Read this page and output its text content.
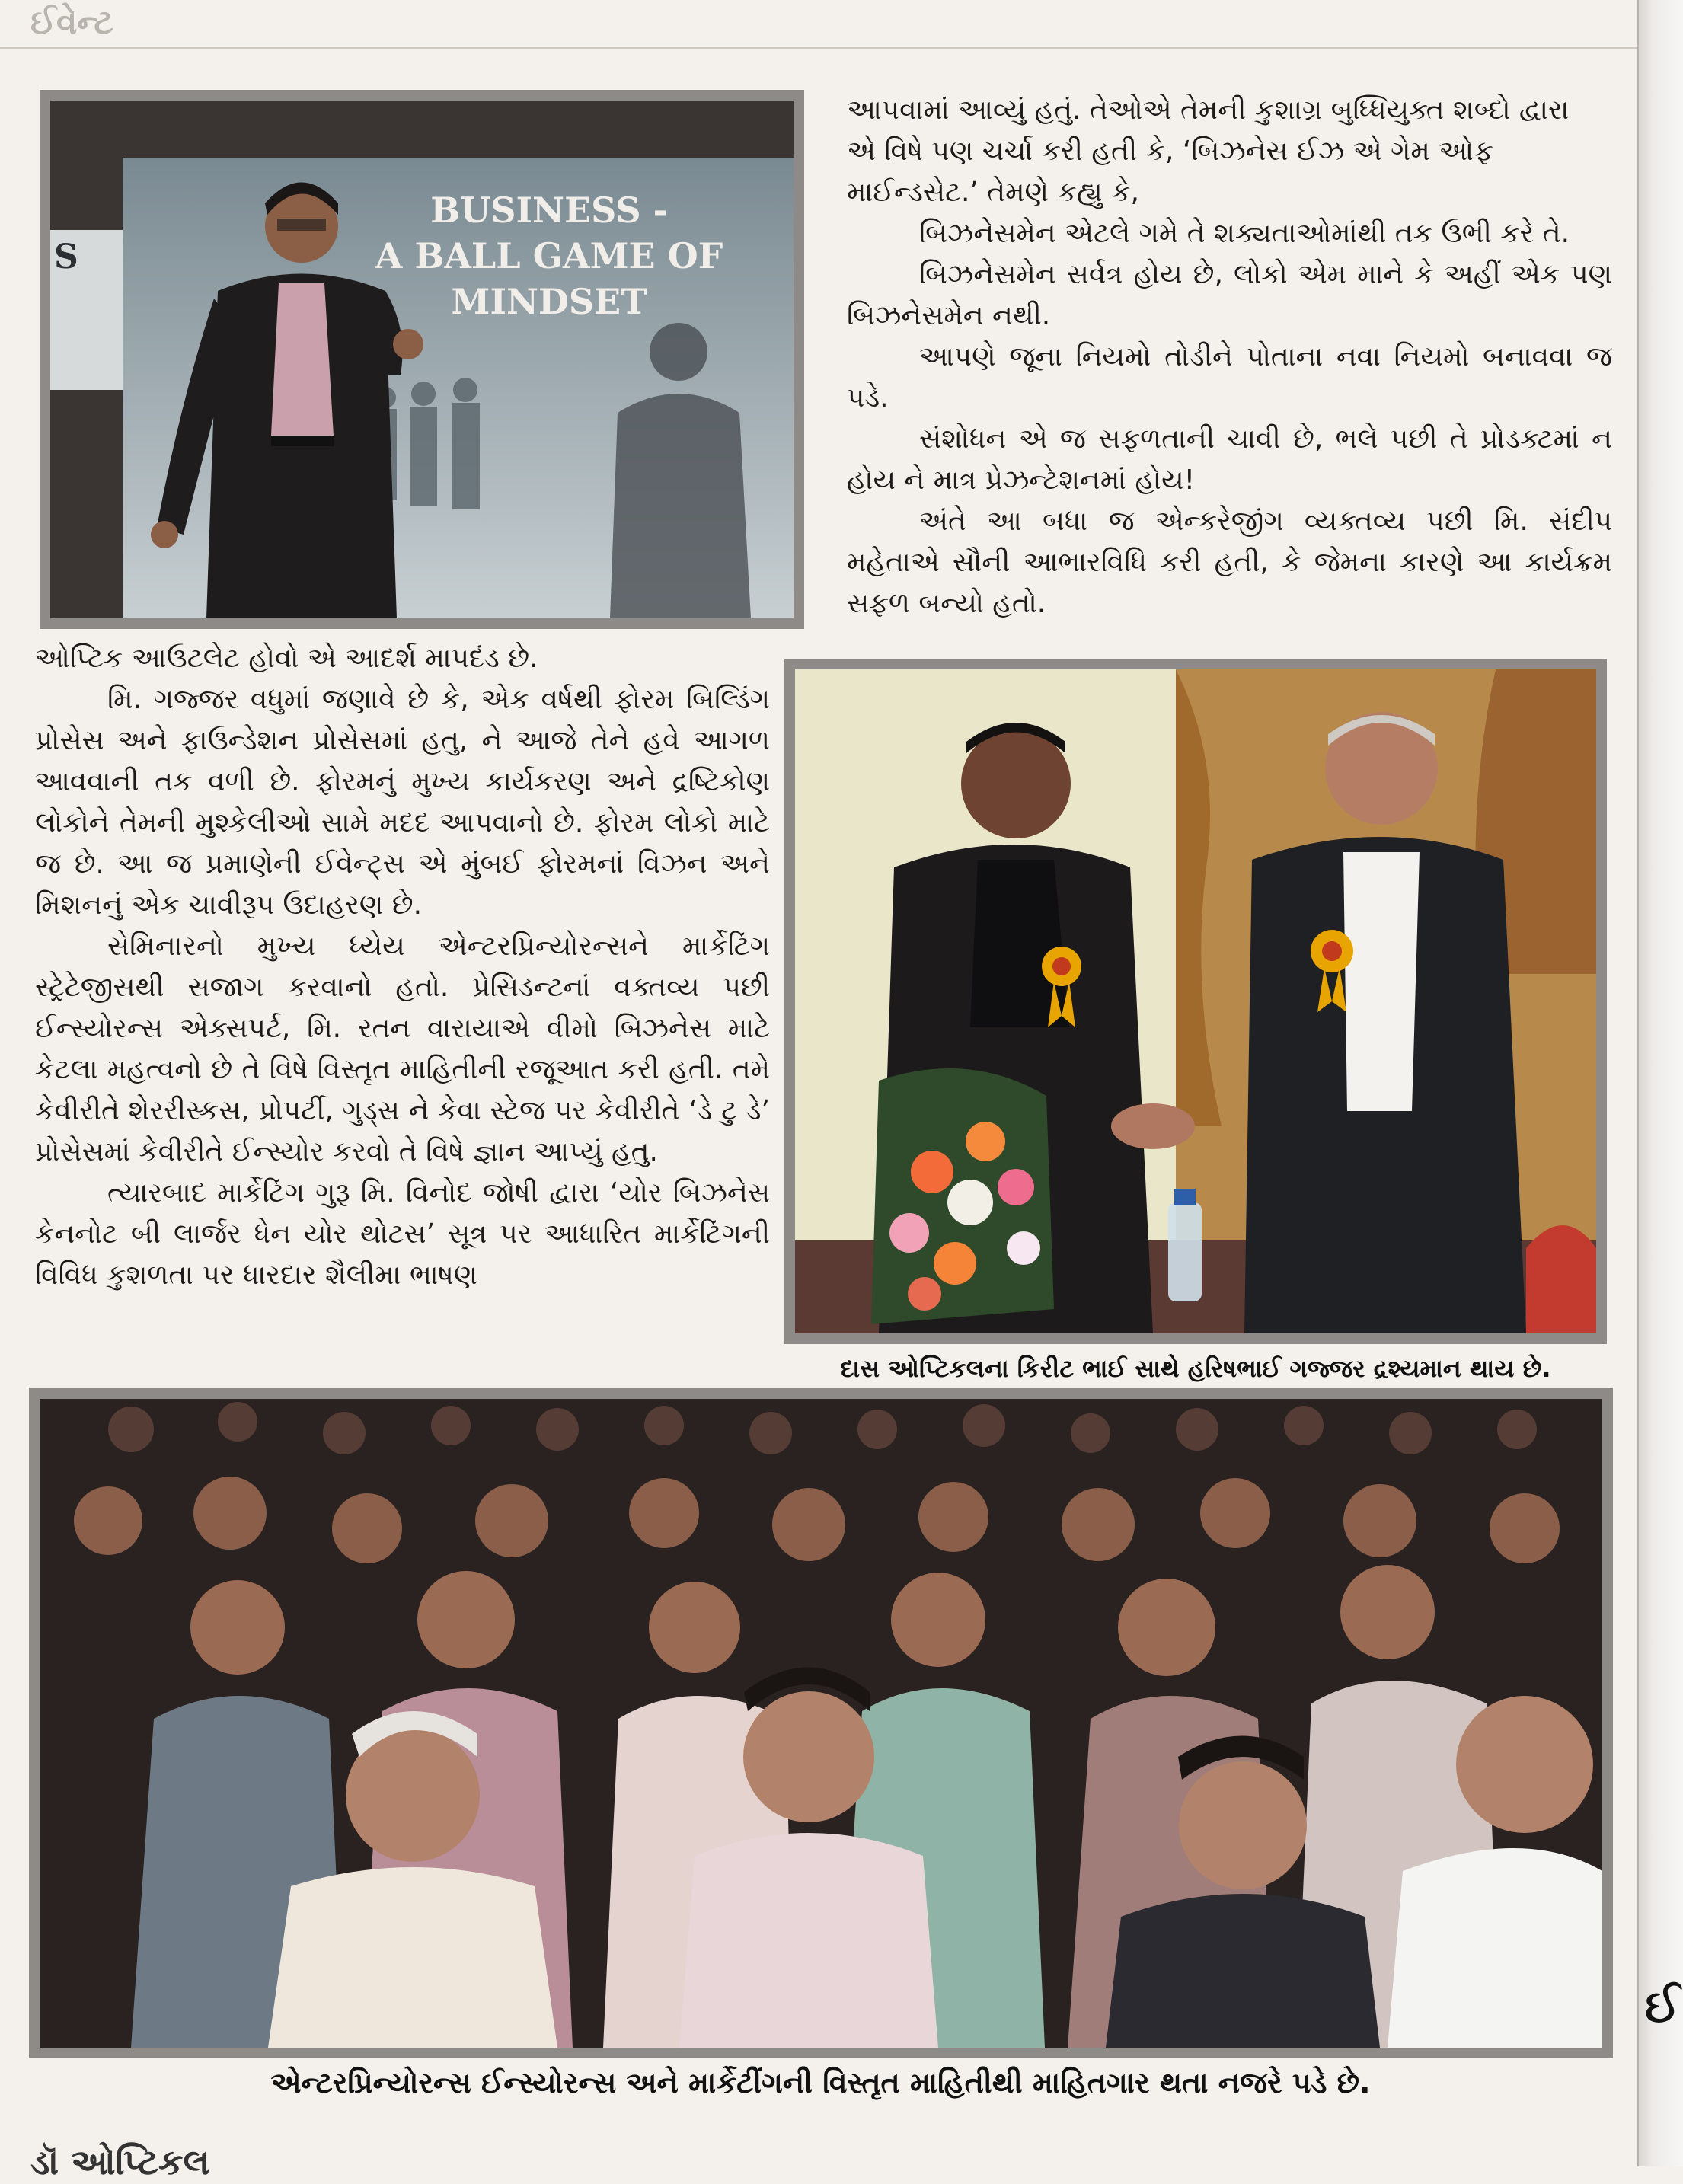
ઈવેન્ટ
ઈ
S
BUSINESS -
A BALL GAME OF
MINDSET

આપવામાં આવ્યું હતું. તેઓએ તેમની કુશાગ્ર બુધ્ધિયુક્ત શબ્દો દ્વારા

એ વિષે પણ ચર્ચા કરી હતી કે, ‘બિઝનેસ ઈઝ એ ગેમ ઓફ

માઈન્ડસેટ.’ તેમણે કહ્યુ કે,

બિઝનેસમેન એટલે ગમે તે શક્યતાઓમાંથી તક ઉભી કરે તે.

બિઝનેસમેન સર્વત્ર હોય છે, લોકો એમ માને કે અહીં એક પણ બિઝનેસમેન નથી.

આપણે જૂના નિયમો તોડીને પોતાના નવા નિયમો બનાવવા જ પડે.

સંશોધન એ જ સફળતાની ચાવી છે, ભલે પછી તે પ્રોડક્ટમાં ન હોય ને માત્ર પ્રેઝન્ટેશનમાં હોય!

અંતે આ બધા જ એન્કરેજીંગ વ્યક્તવ્ય પછી મિ. સંદીપ મહેતાએ સૌની આભારવિધિ કરી હતી, કે જેમના કારણે આ કાર્યક્રમ સફળ બન્યો હતો.

ઓપ્ટિક આઉટલેટ હોવો એ આદર્શ માપદંડ છે.

મિ. ગજ્જર વધુમાં જણાવે છે કે, એક વર્ષથી ફોરમ બિલ્ડિંગ પ્રોસેસ અને ફાઉન્ડેશન પ્રોસેસમાં હતુ, ને આજે તેને હવે આગળ આવવાની તક વળી છે. ફોરમનું મુખ્ય કાર્યકરણ અને દ્રષ્ટિકોણ લોકોને તેમની મુશ્કેલીઓ સામે મદદ આપવાનો છે. ફોરમ લોકો માટે જ છે. આ જ પ્રમાણેની ઈવેન્ટ્સ એ મુંબઈ ફોરમનાં વિઝન અને મિશનનું એક ચાવીરૂપ ઉદાહરણ છે.

સેમિનારનો મુખ્ય ધ્યેય એન્ટરપ્રિન્યોરન્સને માર્કેટિંગ સ્ટ્રેટેજીસથી સજાગ કરવાનો હતો. પ્રેસિડન્ટનાં વક્તવ્ય પછી ઈન્સ્યોરન્સ એક્સપર્ટ, મિ. રતન વારાયાએ વીમો બિઝનેસ માટે કેટલા મહત્વનો છે તે વિષે વિસ્તૃત માહિતીની રજૂઆત કરી હતી. તમે કેવીરીતે શેરરીસ્કસ, પ્રોપર્ટી, ગુડ્સ ને કેવા સ્ટેજ પર કેવીરીતે ‘ડે ટુ ડે’ પ્રોસેસમાં કેવીરીતે ઈન્સ્યોર કરવો તે વિષે જ્ઞાન આપ્યું હતુ.

ત્યારબાદ માર્કેટિંગ ગુરૂ મિ. વિનોદ જોષી દ્વારા ‘યોર બિઝનેસ કેનનોટ બી લાર્જર ધેન યોર થોટસ’ સૂત્ર પર આધારિત માર્કેટિંગની વિવિધ કુશળતા પર ધારદાર શૈલીમા ભાષણ

દાસ ઓપ્ટિકલના કિરીટ ભાઈ સાથે હરિષભાઈ ગજ્જર દ્રશ્યમાન થાય છે.
એન્ટરપ્રિન્યોરન્સ ઈન્સ્યોરન્સ અને માર્કેટીંગની વિસ્તૃત માહિતીથી માહિતગાર થતા નજરે પડે છે.
ડૉ ઓપ્ટિકલ
